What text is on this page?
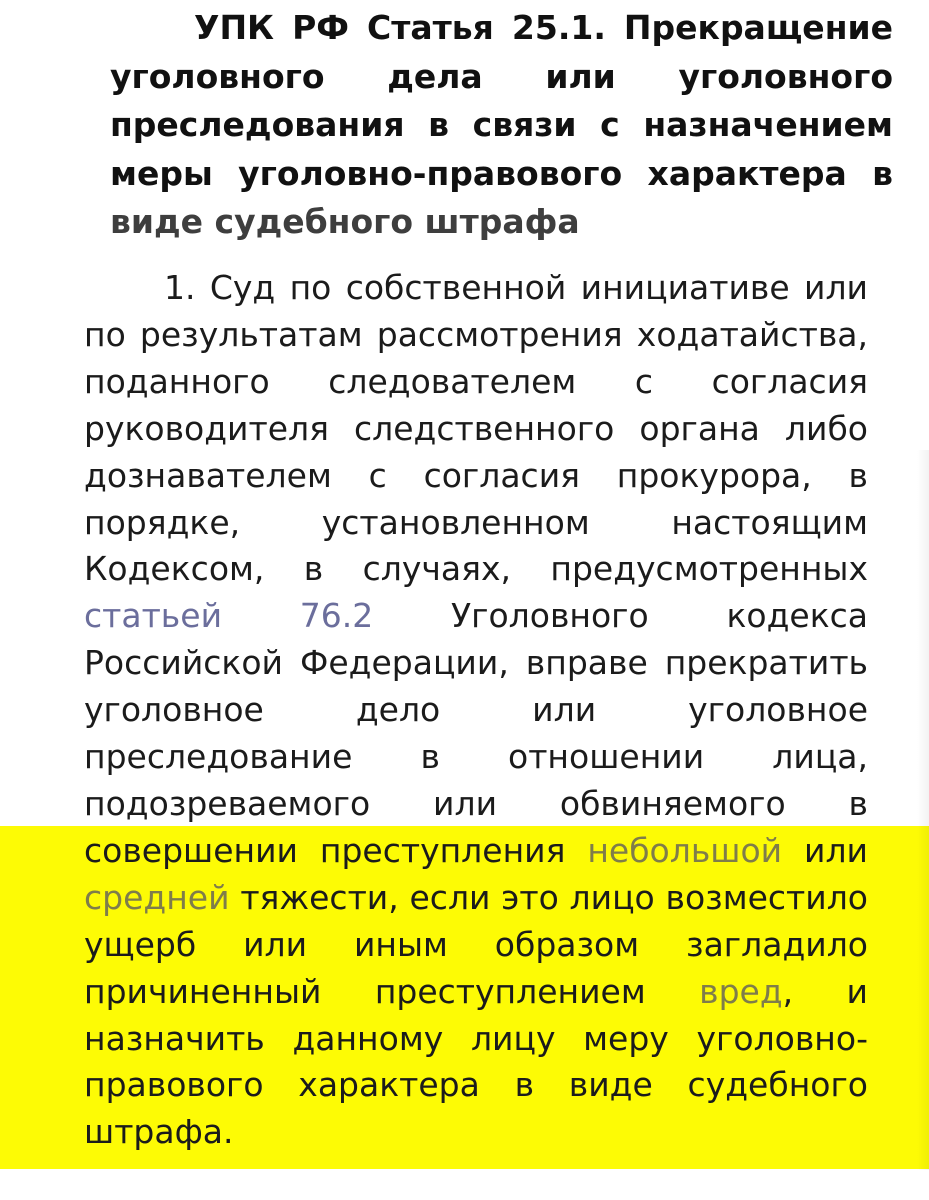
УПК РФ Статья 25.1. Прекращение уголовного дела или уголовного преследования в связи с назначением меры уголовно-правового характера в виде судебного штрафа

1. Суд по собственной инициативе или по результатам рассмотрения ходатайства, поданного следователем с согласия руководителя следственного органа либо дознавателем с согласия прокурора, в порядке, установленном настоящим Кодексом, в случаях, предусмотренных статьей 76.2 Уголовного кодекса Российской Федерации, вправе прекратить уголовное дело или уголовное преследование в отношении лица, подозреваемого или обвиняемого в совершении преступления небольшой или средней тяжести, если это лицо возместило ущерб или иным образом загладило причиненный преступлением вред, и назначить данному лицу меру уголовно-правового характера в виде судебного штрафа.
